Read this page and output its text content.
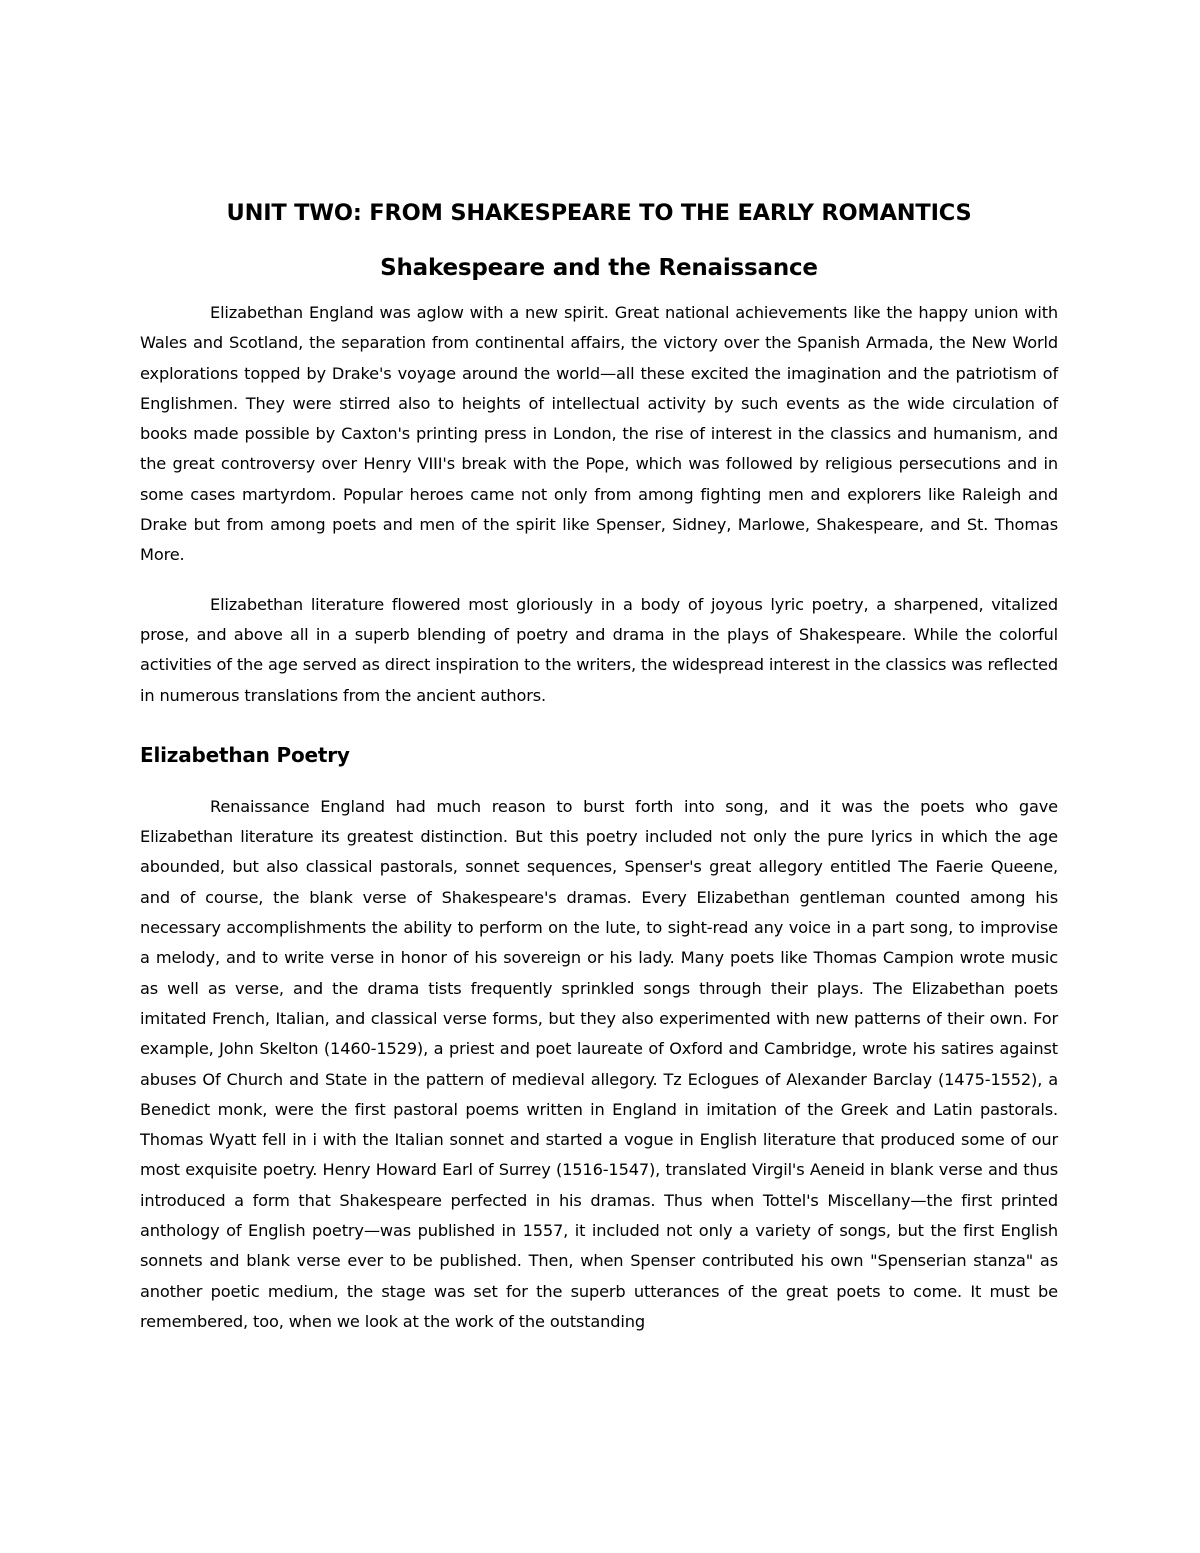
UNIT TWO: FROM SHAKESPEARE TO THE EARLY ROMANTICS
Shakespeare and the Renaissance

Elizabethan England was aglow with a new spirit. Great national achievements like the happy union with Wales and Scotland, the separation from continental affairs, the victory over the Spanish Armada, the New World explorations topped by Drake's voyage around the world—all these excited the imagination and the patriotism of Englishmen. They were stirred also to heights of intellectual activity by such events as the wide circulation of books made possible by Caxton's printing press in London, the rise of interest in the classics and humanism, and the great controversy over Henry VIII's break with the Pope, which was followed by religious persecutions and in some cases martyrdom. Popular heroes came not only from among fighting men and explorers like Raleigh and Drake but from among poets and men of the spirit like Spenser, Sidney, Marlowe, Shakespeare, and St. Thomas More.

Elizabethan literature flowered most gloriously in a body of joyous lyric poetry, a sharpened, vitalized prose, and above all in a superb blending of poetry and drama in the plays of Shakespeare. While the colorful activities of the age served as direct inspiration to the writers, the widespread interest in the classics was reflected in numerous translations from the ancient authors.

Elizabethan Poetry

Renaissance England had much reason to burst forth into song, and it was the poets who gave Elizabethan literature its greatest distinction. But this poetry included not only the pure lyrics in which the age abounded, but also classical pastorals, sonnet sequences, Spenser's great allegory entitled The Faerie Queene, and of course, the blank verse of Shakespeare's dramas. Every Elizabethan gentleman counted among his necessary accomplishments the ability to perform on the lute, to sight-read any voice in a part song, to improvise a melody, and to write verse in honor of his sovereign or his lady. Many poets like Thomas Campion wrote music as well as verse, and the drama tists frequently sprinkled songs through their plays. The Elizabethan poets imitated French, Italian, and classical verse forms, but they also experimented with new patterns of their own. For example, John Skelton (1460-1529), a priest and poet laureate of Oxford and Cambridge, wrote his satires against abuses Of Church and State in the pattern of medieval allegory. Tz Eclogues of Alexander Barclay (1475-1552), a Benedict monk, were the first pastoral poems written in England in imitation of the Greek and Latin pastorals. Thomas Wyatt fell in i with the Italian sonnet and started a vogue in English literature that produced some of our most exquisite poetry. Henry Howard Earl of Surrey (1516-1547), translated Virgil's Aeneid in blank verse and thus introduced a form that Shakespeare perfected in his dramas. Thus when Tottel's Miscellany—the first printed anthology of English poetry—was published in 1557, it included not only a variety of songs, but the first English sonnets and blank verse ever to be published. Then, when Spenser contributed his own "Spenserian stanza" as another poetic medium, the stage was set for the superb utterances of the great poets to come. It must be remembered, too, when we look at the work of the outstanding
